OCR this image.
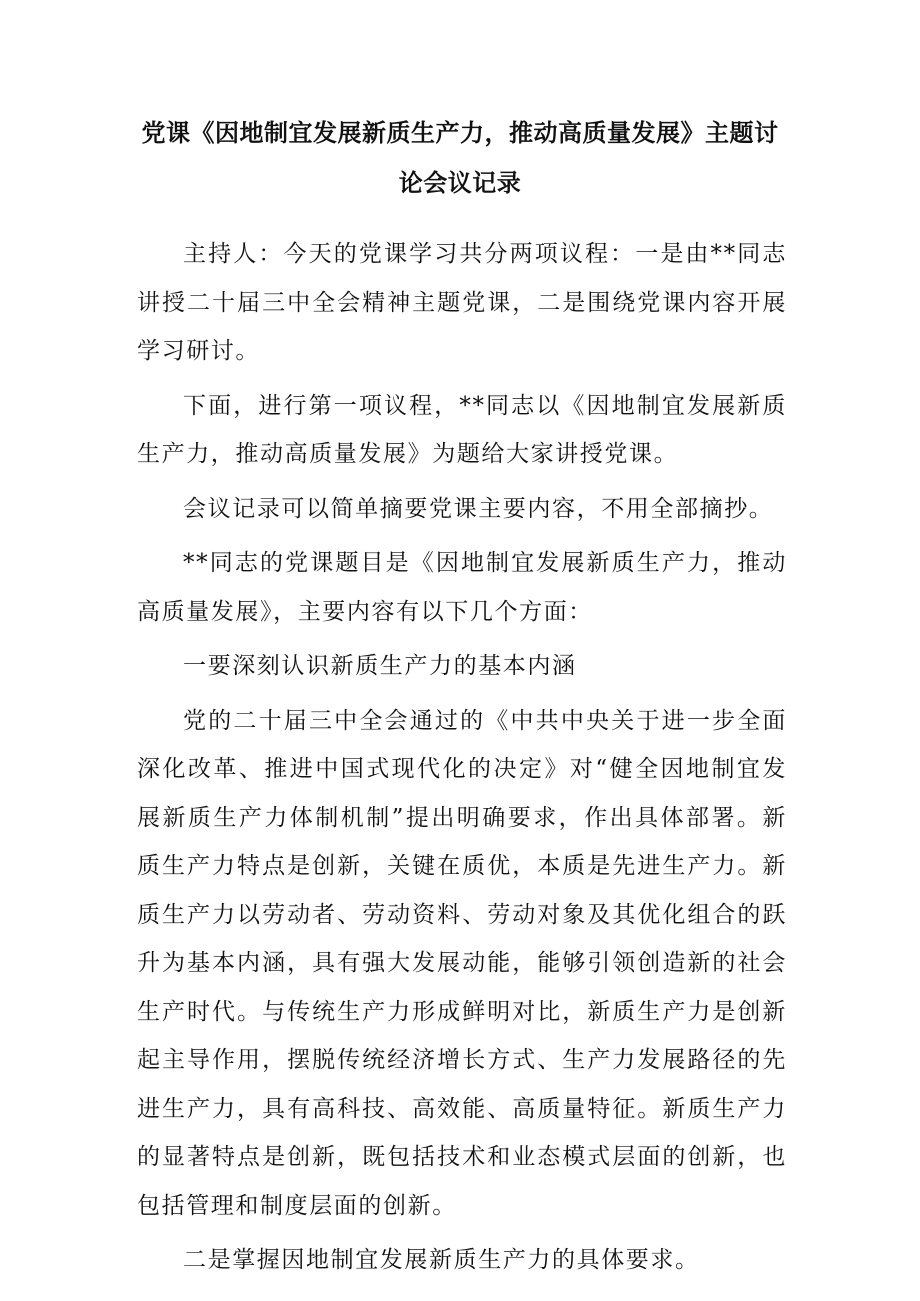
党课《因地制宜发展新质生产力，推动高质量发展》主题讨
论会议记录

主持人：今天的党课学习共分两项议程：一是由**同志讲授二十届三中全会精神主题党课，二是围绕党课内容开展学习研讨。

下面，进行第一项议程，**同志以《因地制宜发展新质生产力，推动高质量发展》为题给大家讲授党课。

会议记录可以简单摘要党课主要内容，不用全部摘抄。

**同志的党课题目是《因地制宜发展新质生产力，推动高质量发展》，主要内容有以下几个方面：

一要深刻认识新质生产力的基本内涵

党的二十届三中全会通过的《中共中央关于进一步全面深化改革、推进中国式现代化的决定》对“健全因地制宜发展新质生产力体制机制”提出明确要求，作出具体部署。新质生产力特点是创新，关键在质优，本质是先进生产力。新质生产力以劳动者、劳动资料、劳动对象及其优化组合的跃升为基本内涵，具有强大发展动能，能够引领创造新的社会生产时代。与传统生产力形成鲜明对比，新质生产力是创新起主导作用，摆脱传统经济增长方式、生产力发展路径的先进生产力，具有高科技、高效能、高质量特征。新质生产力的显著特点是创新，既包括技术和业态模式层面的创新，也包括管理和制度层面的创新。

二是掌握因地制宜发展新质生产力的具体要求。
